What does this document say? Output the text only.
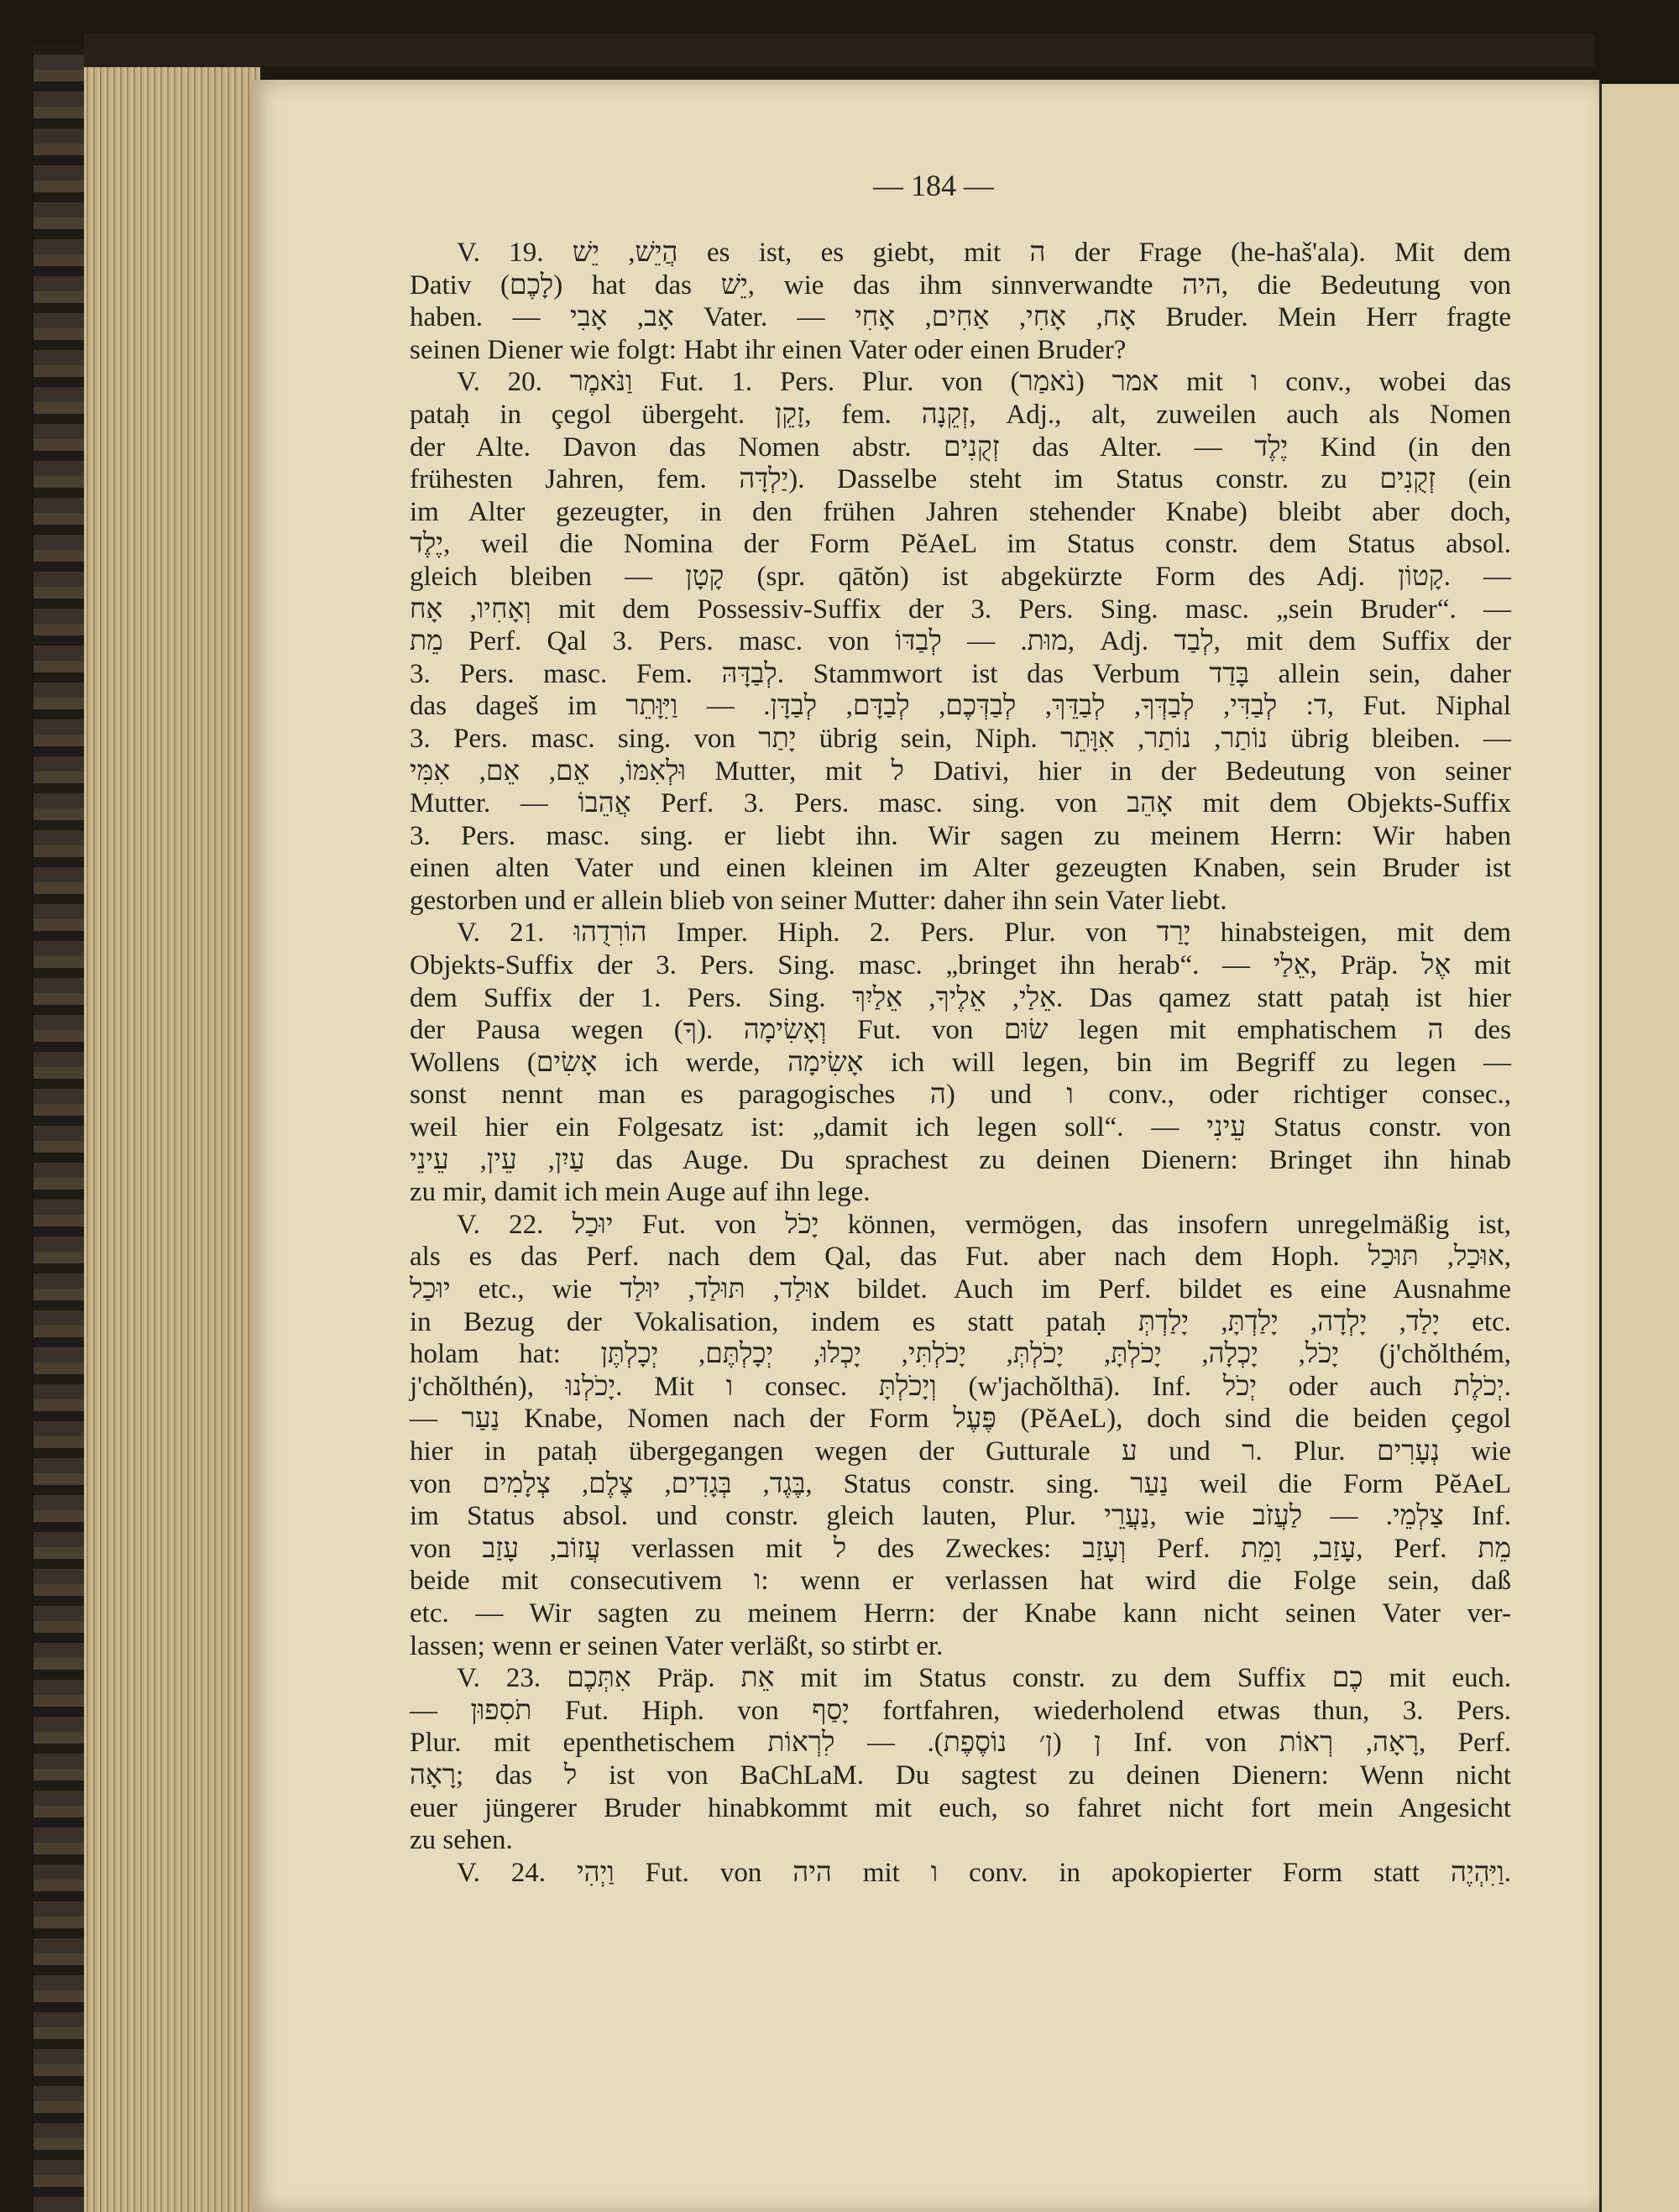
— 184 —
V. 19. הֲיֵשׁ, יֵשׁ es ist, es giebt, mit ה der Frage (he-haš'ala). Mit dem
Dativ (לָכֶם) hat das יֵשׁ, wie das ihm sinnverwandte היה, die Bedeutung von
haben. — אָב, אָבִי Vater. — אָח, אָחִי, אַחִים, אָחִי Bruder. Mein Herr fragte
seinen Diener wie folgt: Habt ihr einen Vater oder einen Bruder?
V. 20. וַנֹּאמֶר Fut. 1. Pers. Plur. von אמר (נֹאמַר) mit ו conv., wobei das
pataḥ in çegol übergeht. זָקֵן, fem. זְקֵנָה, Adj., alt, zuweilen auch als Nomen
der Alte. Davon das Nomen abstr. זְקֻנִים das Alter. — יֶלֶד Kind (in den
frühesten Jahren, fem. יַלְדָּה). Dasselbe steht im Status constr. zu זְקֻנִים (ein
im Alter gezeugter, in den frühen Jahren stehender Knabe) bleibt aber doch,
יֶלֶד, weil die Nomina der Form PĕAeL im Status constr. dem Status absol.
gleich bleiben — קָטָן (spr. qātŏn) ist abgekürzte Form des Adj. קָטוֹן. —
וְאָחִיו, אָח mit dem Possessiv-Suffix der 3. Pers. Sing. masc. „sein Bruder“. —
מֵת Perf. Qal 3. Pers. masc. von מוּת. — לְבַדּוֹ, Adj. לְבַד, mit dem Suffix der
3. Pers. masc. Fem. לְבַדָּהּ. Stammwort ist das Verbum בָּדַד allein sein, daher
das dageš im ד: לְבַדִּי, לְבַדְּךָ, לְבַדֵּךְ, לְבַדְּכֶם, לְבַדָּם, לְבַדָּן. — וַיִּוָּתֵר, Fut. Niphal
3. Pers. masc. sing. von יָתַר übrig sein, Niph. נוֹתַר, נוֹתַר, אִוָּתֵר übrig bleiben. —
וּלְאִמּוֹ, אֵם, אֵם, אִמִּי Mutter, mit ל Dativi, hier in der Bedeutung von seiner
Mutter. — אֲהֵבוֹ Perf. 3. Pers. masc. sing. von אָהֵב mit dem Objekts-Suffix
3. Pers. masc. sing. er liebt ihn. Wir sagen zu meinem Herrn: Wir haben
einen alten Vater und einen kleinen im Alter gezeugten Knaben, sein Bruder ist
gestorben und er allein blieb von seiner Mutter: daher ihn sein Vater liebt.
V. 21. הוֹרִדֻהוּ Imper. Hiph. 2. Pers. Plur. von יָרַד hinabsteigen, mit dem
Objekts-Suffix der 3. Pers. Sing. masc. „bringet ihn herab“. — אֵלַי, Präp. אֶל mit
dem Suffix der 1. Pers. Sing. אֵלַי, אֵלֶיךָ, אֵלַיִךְ. Das qamez statt pataḥ ist hier
der Pausa wegen (ךָ). וְאָשִׂימָה Fut. von שׂוּם legen mit emphatischem ה des
Wollens (אָשִׂים ich werde, אָשִׂימָה ich will legen, bin im Begriff zu legen —
sonst nennt man es paragogisches ה) und ו conv., oder richtiger consec.,
weil hier ein Folgesatz ist: „damit ich legen soll“. — עֵינִי Status constr. von
עַיִן, עֵין, עֵינֵי das Auge. Du sprachest zu deinen Dienern: Bringet ihn hinab
zu mir, damit ich mein Auge auf ihn lege.
V. 22. יוּכַל Fut. von יָכֹל können, vermögen, das insofern unregelmäßig ist,
als es das Perf. nach dem Qal, das Fut. aber nach dem Hoph. אוּכַל, תּוּכַל,
יוּכַל etc., wie אוּלַד, תּוּלַד, יוּלַד bildet. Auch im Perf. bildet es eine Ausnahme
in Bezug der Vokalisation, indem es statt pataḥ יָלַד, יָלְדָה, יָלַדְתָּ, יָלַדְתְּ etc.
holam hat: יָכֹל, יָכְלָה, יָכֹלְתָּ, יָכֹלְתְּ, יָכֹלְתִּי, יָכְלוּ, יְכָלְתֶּם, יְכָלְתֶּן (j'chŏlthém,
j'chŏlthén), יָכֹלְנוּ. Mit ו consec. וְיָכֹלְתָּ (w'jachŏlthā). Inf. יְכֹל oder auch יְכֹלֶת.
— נַעַר Knabe, Nomen nach der Form פֶּעֶל (PĕAeL), doch sind die beiden çegol
hier in pataḥ übergegangen wegen der Gutturale ע und ר. Plur. נְעָרִים wie
von בֶּגֶד, בְּגָדִים, צֶלֶם, צְלָמִים, Status constr. sing. נַעַר weil die Form PĕAeL
im Status absol. und constr. gleich lauten, Plur. נַעֲרֵי, wie צַלְמֵי. — לַעֲזֹב Inf.
von עֲזוֹב, עָזַב verlassen mit ל des Zweckes: וְעָזַב Perf. עָזַב, וָמֵת, Perf. מֵת
beide mit consecutivem ו: wenn er verlassen hat wird die Folge sein, daß
etc. — Wir sagten zu meinem Herrn: der Knabe kann nicht seinen Vater ver-
lassen; wenn er seinen Vater verläßt, so stirbt er.
V. 23. אִתְּכֶם Präp. אֵת mit im Status constr. zu dem Suffix כֶם mit euch.
— תֹסִפוּן Fut. Hiph. von יָסַף fortfahren, wiederholend etwas thun, 3. Pers.
Plur. mit epenthetischem ן (ן׳ נוֹסֶפֶת). — לִרְאוֹת Inf. von רָאָה, רְאוֹת, Perf.
רָאָה; das ל ist von BaChLaM. Du sagtest zu deinen Dienern: Wenn nicht
euer jüngerer Bruder hinabkommt mit euch, so fahret nicht fort mein Angesicht
zu sehen.
V. 24. וַיְהִי Fut. von היה mit ו conv. in apokopierter Form statt וַיִּהְיֶה.
